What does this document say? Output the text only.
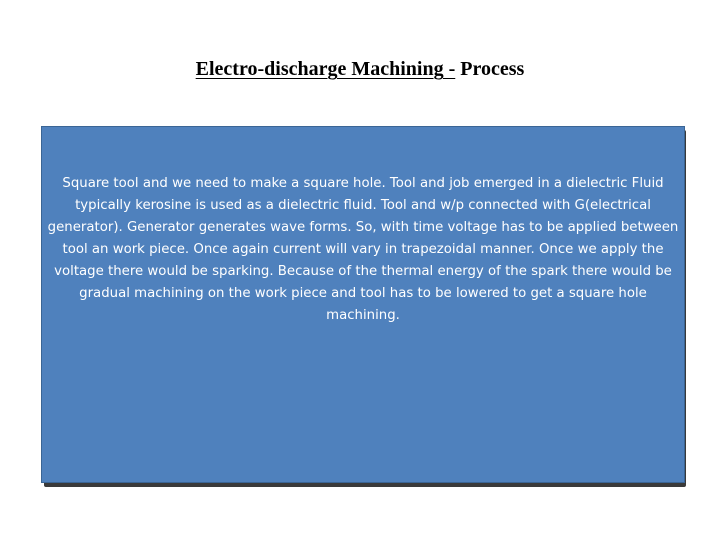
Electro-discharge Machining - Process

Square tool and we need to make a square hole. Tool and job emerged in a dielectric Fluid typically kerosine is used as a dielectric fluid. Tool and w/p connected with G(electrical generator). Generator generates wave forms. So, with time voltage has to be applied between tool an work piece. Once again current will vary in trapezoidal manner. Once we apply the voltage there would be sparking. Because of the thermal energy of the spark there would be gradual machining on the work piece and tool has to be lowered to get a square hole machining.
